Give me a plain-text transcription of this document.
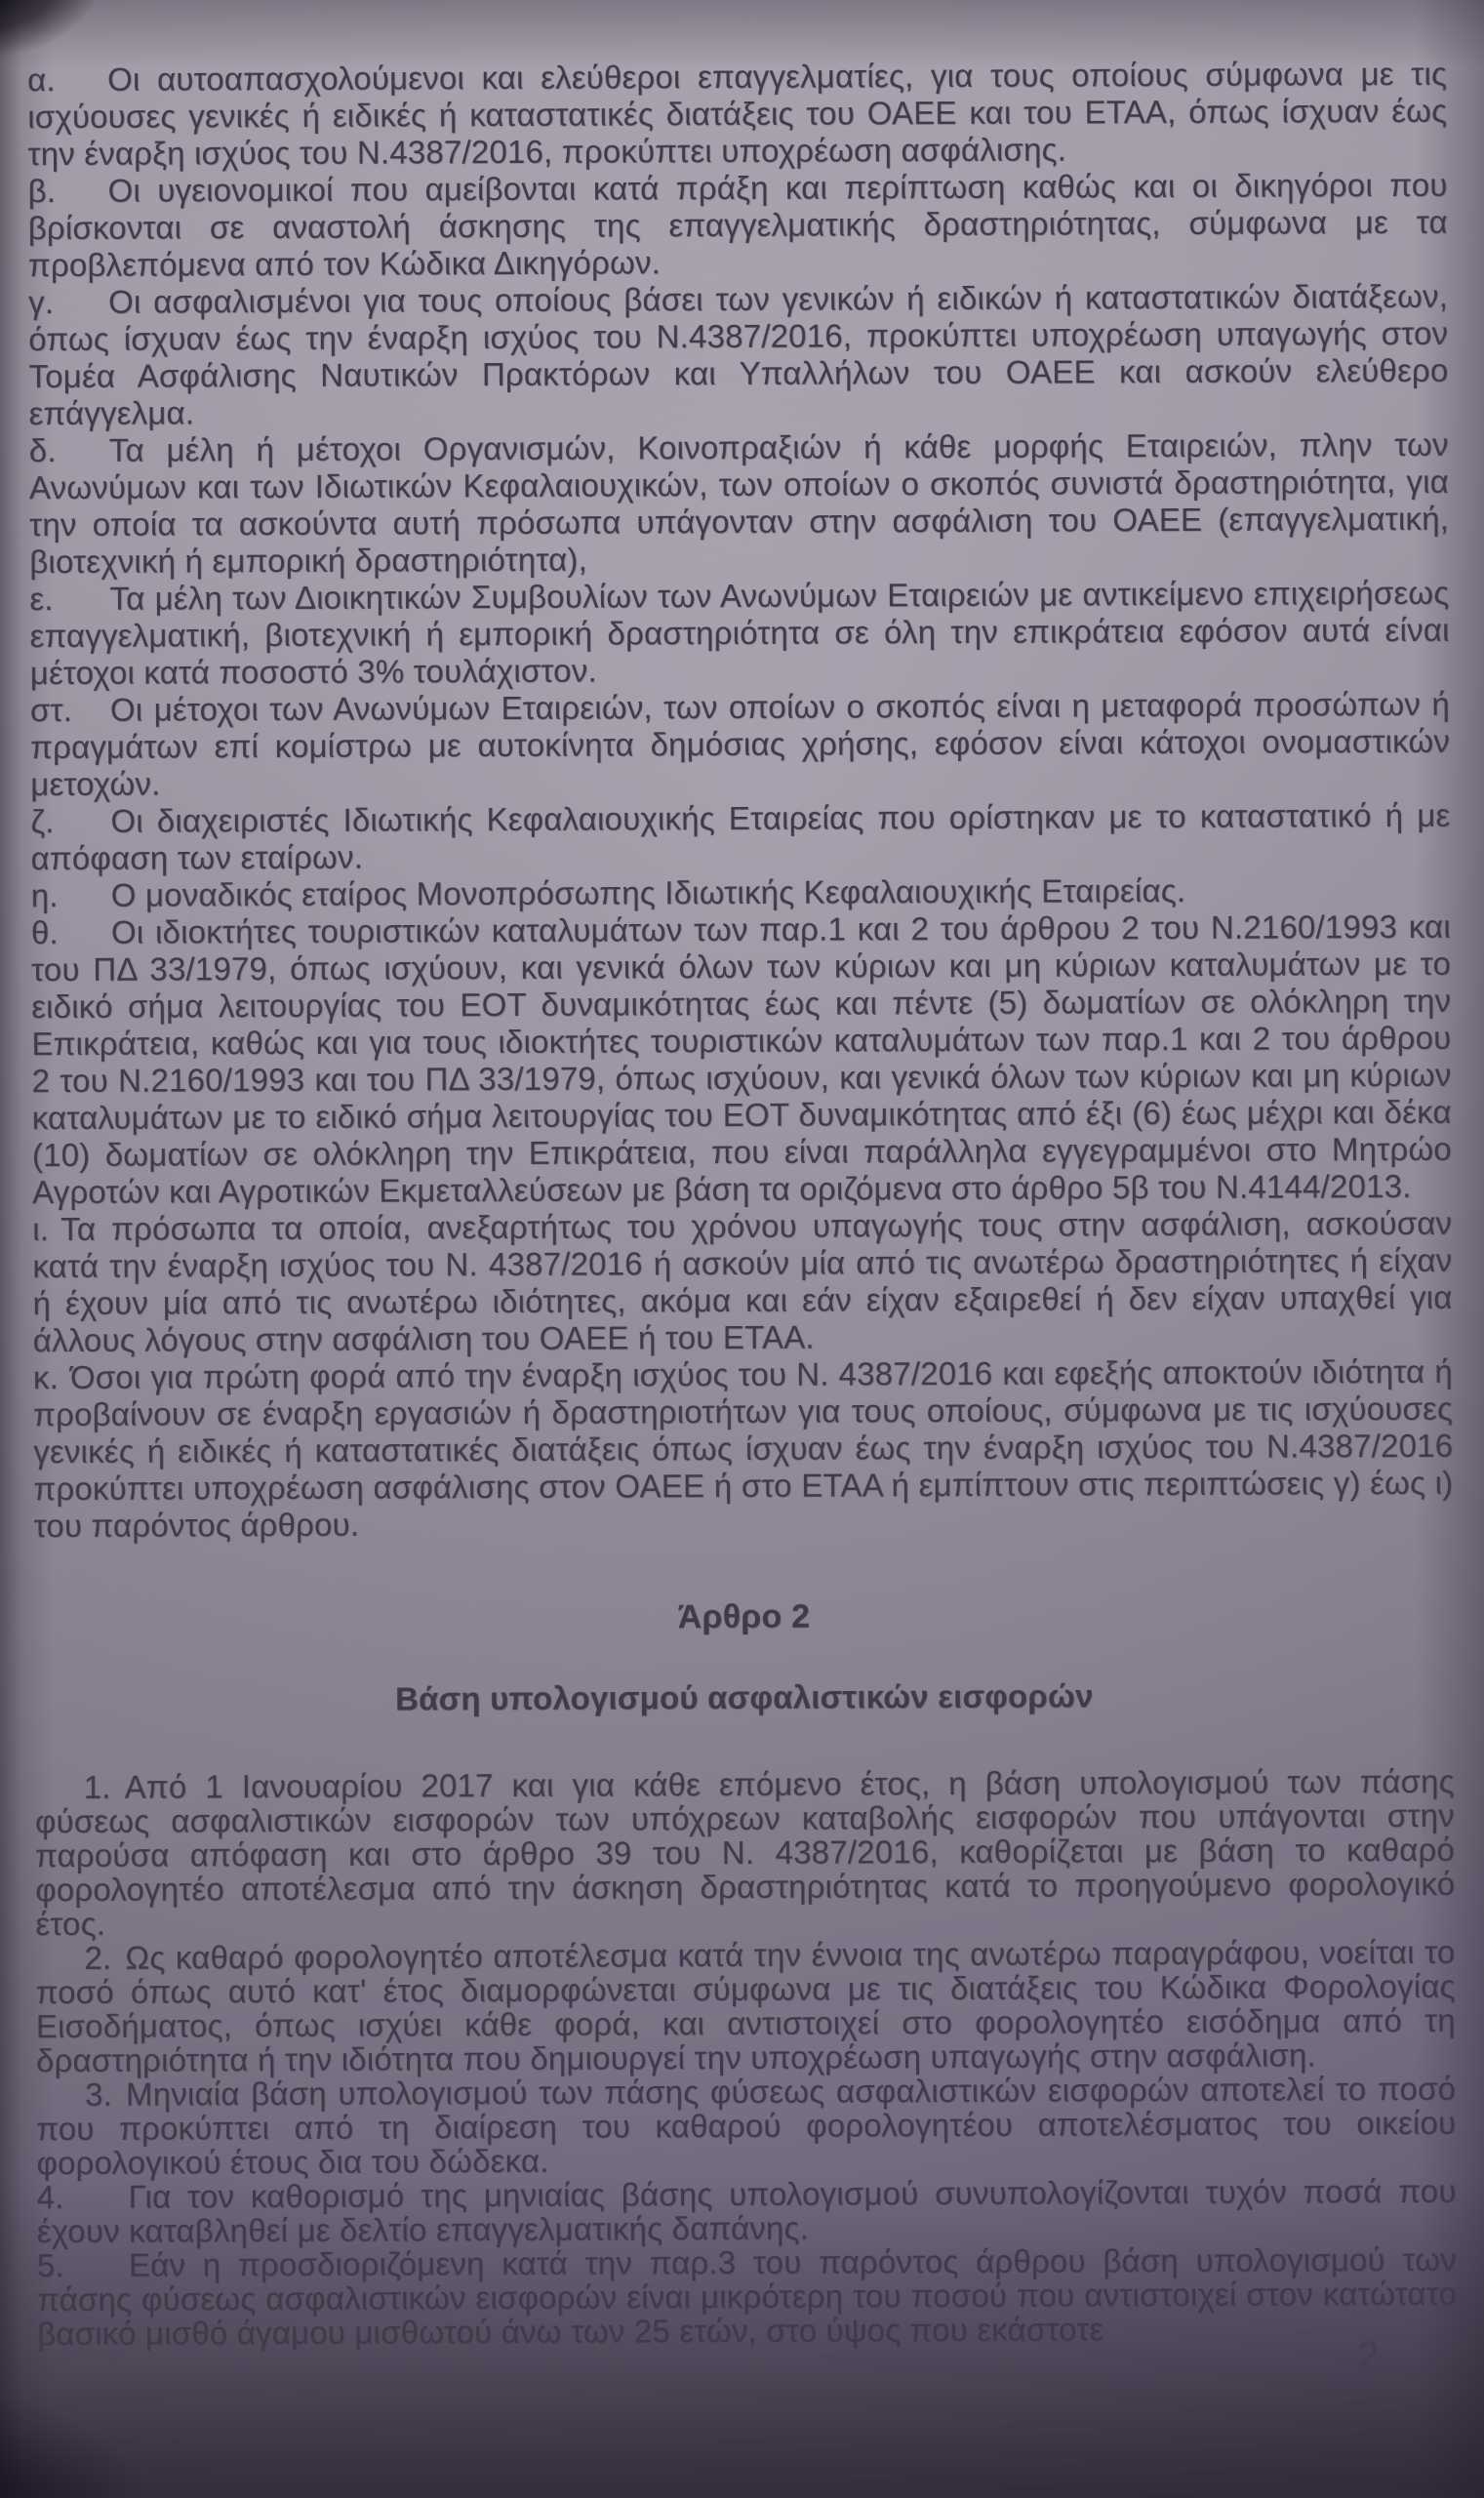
α. Οι αυτοαπασχολούμενοι και ελεύθεροι επαγγελματίες, για τους οποίους σύμφωνα με τις ισχύουσες γενικές ή ειδικές ή καταστατικές διατάξεις του ΟΑΕΕ και του ΕΤΑΑ, όπως ίσχυαν έως την έναρξη ισχύος του Ν.4387/2016, προκύπτει υποχρέωση ασφάλισης.

β. Οι υγειονομικοί που αμείβονται κατά πράξη και περίπτωση καθώς και οι δικηγόροι που βρίσκονται σε αναστολή άσκησης της επαγγελματικής δραστηριότητας, σύμφωνα με τα προβλεπόμενα από τον Κώδικα Δικηγόρων.

γ. Οι ασφαλισμένοι για τους οποίους βάσει των γενικών ή ειδικών ή καταστατικών διατάξεων, όπως ίσχυαν έως την έναρξη ισχύος του Ν.4387/2016, προκύπτει υποχρέωση υπαγωγής στον Τομέα Ασφάλισης Ναυτικών Πρακτόρων και Υπαλλήλων του ΟΑΕΕ και ασκούν ελεύθερο επάγγελμα.

δ. Τα μέλη ή μέτοχοι Οργανισμών, Κοινοπραξιών ή κάθε μορφής Εταιρειών, πλην των Ανωνύμων και των Ιδιωτικών Κεφαλαιουχικών, των οποίων ο σκοπός συνιστά δραστηριότητα, για την οποία τα ασκούντα αυτή πρόσωπα υπάγονταν στην ασφάλιση του ΟΑΕΕ (επαγγελματική, βιοτεχνική ή εμπορική δραστηριότητα),

ε. Τα μέλη των Διοικητικών Συμβουλίων των Ανωνύμων Εταιρειών με αντικείμενο επιχειρήσεως επαγγελματική, βιοτεχνική ή εμπορική δραστηριότητα σε όλη την επικράτεια εφόσον αυτά είναι μέτοχοι κατά ποσοστό 3% τουλάχιστον.

στ. Οι μέτοχοι των Ανωνύμων Εταιρειών, των οποίων ο σκοπός είναι η μεταφορά προσώπων ή πραγμάτων επί κομίστρω με αυτοκίνητα δημόσιας χρήσης, εφόσον είναι κάτοχοι ονομαστικών μετοχών.

ζ. Οι διαχειριστές Ιδιωτικής Κεφαλαιουχικής Εταιρείας που ορίστηκαν με το καταστατικό ή με απόφαση των εταίρων.

η. Ο μοναδικός εταίρος Μονοπρόσωπης Ιδιωτικής Κεφαλαιουχικής Εταιρείας.

θ. Οι ιδιοκτήτες τουριστικών καταλυμάτων των παρ.1 και 2 του άρθρου 2 του Ν.2160/1993 και του ΠΔ 33/1979, όπως ισχύουν, και γενικά όλων των κύριων και μη κύριων καταλυμάτων με το ειδικό σήμα λειτουργίας του ΕΟΤ δυναμικότητας έως και πέντε (5) δωματίων σε ολόκληρη την Επικράτεια, καθώς και για τους ιδιοκτήτες τουριστικών καταλυμάτων των παρ.1 και 2 του άρθρου 2 του Ν.2160/1993 και του ΠΔ 33/1979, όπως ισχύουν, και γενικά όλων των κύριων και μη κύριων καταλυμάτων με το ειδικό σήμα λειτουργίας του ΕΟΤ δυναμικότητας από έξι (6) έως μέχρι και δέκα (10) δωματίων σε ολόκληρη την Επικράτεια, που είναι παράλληλα εγγεγραμμένοι στο Μητρώο Αγροτών και Αγροτικών Εκμεταλλεύσεων με βάση τα οριζόμενα στο άρθρο 5β του Ν.4144/2013.

ι. Τα πρόσωπα τα οποία, ανεξαρτήτως του χρόνου υπαγωγής τους στην ασφάλιση, ασκούσαν κατά την έναρξη ισχύος του Ν. 4387/2016 ή ασκούν μία από τις ανωτέρω δραστηριότητες ή είχαν ή έχουν μία από τις ανωτέρω ιδιότητες, ακόμα και εάν είχαν εξαιρεθεί ή δεν είχαν υπαχθεί για άλλους λόγους στην ασφάλιση του ΟΑΕΕ ή του ΕΤΑΑ.

κ. Όσοι για πρώτη φορά από την έναρξη ισχύος του Ν. 4387/2016 και εφεξής αποκτούν ιδιότητα ή προβαίνουν σε έναρξη εργασιών ή δραστηριοτήτων για τους οποίους, σύμφωνα με τις ισχύουσες γενικές ή ειδικές ή καταστατικές διατάξεις όπως ίσχυαν έως την έναρξη ισχύος του Ν.4387/2016 προκύπτει υποχρέωση ασφάλισης στον ΟΑΕΕ ή στο ΕΤΑΑ ή εμπίπτουν στις περιπτώσεις γ) έως ι) του παρόντος άρθρου.

Άρθρο 2

Βάση υπολογισμού ασφαλιστικών εισφορών

1. Από 1 Ιανουαρίου 2017 και για κάθε επόμενο έτος, η βάση υπολογισμού των πάσης φύσεως ασφαλιστικών εισφορών των υπόχρεων καταβολής εισφορών που υπάγονται στην παρούσα απόφαση και στο άρθρο 39 του Ν. 4387/2016, καθορίζεται με βάση το καθαρό φορολογητέο αποτέλεσμα από την άσκηση δραστηριότητας κατά το προηγούμενο φορολογικό έτος.

2. Ως καθαρό φορολογητέο αποτέλεσμα κατά την έννοια της ανωτέρω παραγράφου, νοείται το ποσό όπως αυτό κατ' έτος διαμορφώνεται σύμφωνα με τις διατάξεις του Κώδικα Φορολογίας Εισοδήματος, όπως ισχύει κάθε φορά, και αντιστοιχεί στο φορολογητέο εισόδημα από τη δραστηριότητα ή την ιδιότητα που δημιουργεί την υποχρέωση υπαγωγής στην ασφάλιση.

3. Μηνιαία βάση υπολογισμού των πάσης φύσεως ασφαλιστικών εισφορών αποτελεί το ποσό που προκύπτει από τη διαίρεση του καθαρού φορολογητέου αποτελέσματος του οικείου φορολογικού έτους δια του δώδεκα.

4. Για τον καθορισμό της μηνιαίας βάσης υπολογισμού συνυπολογίζονται τυχόν ποσά που έχουν καταβληθεί με δελτίο επαγγελματικής δαπάνης.

5. Εάν η προσδιοριζόμενη κατά την παρ.3 του παρόντος άρθρου βάση υπολογισμού των πάσης φύσεως ασφαλιστικών εισφορών είναι μικρότερη του ποσού που αντιστοιχεί στον κατώτατο βασικό μισθό άγαμου μισθωτού άνω των 25 ετών, στο ύψος που εκάστοτε

2
